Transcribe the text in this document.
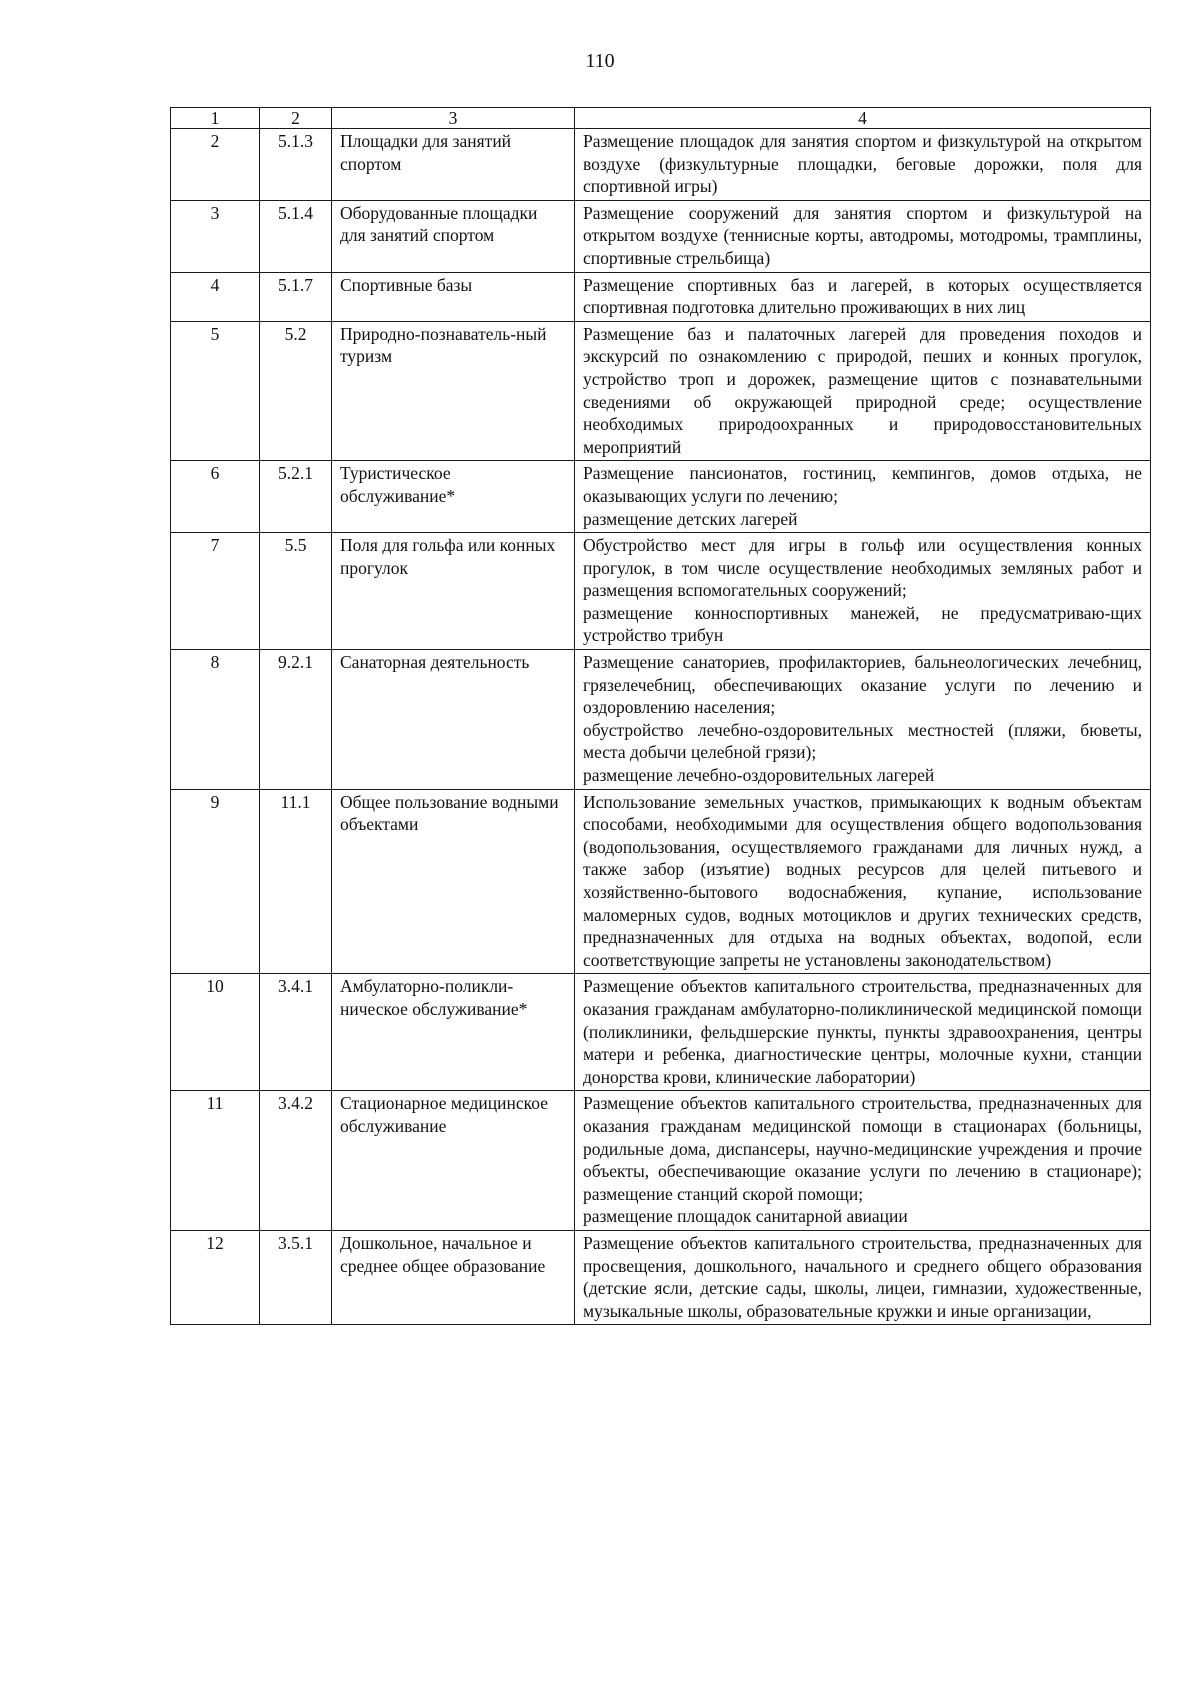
110
1	2	3	4
2	5.1.3	Площадки для занятий спортом	Размещение площадок для занятия спортом и физкультурой на открытом воздухе (физкультурные площадки, беговые дорожки, поля для спортивной игры)

3	5.1.4	Оборудованные площадки для занятий спортом	Размещение сооружений для занятия спортом и физкультурой на открытом воздухе (теннисные корты, автодромы, мотодромы, трамплины, спортивные стрельбища)

4	5.1.7	Спортивные базы	Размещение спортивных баз и лагерей, в которых осуществляется спортивная подготовка длительно проживающих в них лиц

5	5.2	Природно-познаватель-ный туризм	Размещение баз и палаточных лагерей для проведения походов и экскурсий по ознакомлению с природой, пеших и конных прогулок, устройство троп и дорожек, размещение щитов с познавательными сведениями об окружающей природной среде; осуществление необходимых природоохранных и природовосстановительных мероприятий

6	5.2.1	Туристическое обслуживание*	Размещение пансионатов, гостиниц, кемпингов, домов отдыха, не оказывающих услуги по лечению;
размещение детских лагерей

7	5.5	Поля для гольфа или конных прогулок	Обустройство мест для игры в гольф или осуществления конных прогулок, в том числе осуществление необходимых земляных работ и размещения вспомогательных сооружений;
размещение конноспортивных манежей, не предусматриваю-щих устройство трибун

8	9.2.1	Санаторная деятельность	Размещение санаториев, профилакториев, бальнеологических лечебниц, грязелечебниц, обеспечивающих оказание услуги по лечению и оздоровлению населения;
обустройство лечебно-оздоровительных местностей (пляжи, бюветы, места добычи целебной грязи);
размещение лечебно-оздоровительных лагерей

9	11.1	Общее пользование водными объектами	Использование земельных участков, примыкающих к водным объектам способами, необходимыми для осуществления общего водопользования (водопользования, осуществляемого гражданами для личных нужд, а также забор (изъятие) водных ресурсов для целей питьевого и хозяйственно-бытового водоснабжения, купание, использование маломерных судов, водных мотоциклов и других технических средств, предназначенных для отдыха на водных объектах, водопой, если соответствующие запреты не установлены законодательством)

10	3.4.1	Амбулаторно-поликли-ническое обслуживание*	Размещение объектов капитального строительства, предназначенных для оказания гражданам амбулаторно-поликлинической медицинской помощи (поликлиники, фельдшерские пункты, пункты здравоохранения, центры матери и ребенка, диагностические центры, молочные кухни, станции донорства крови, клинические лаборатории)

11	3.4.2	Стационарное медицинское обслуживание	Размещение объектов капитального строительства, предназначенных для оказания гражданам медицинской помощи в стационарах (больницы, родильные дома, диспансеры, научно-медицинские учреждения и прочие объекты, обеспечивающие оказание услуги по лечению в стационаре); размещение станций скорой помощи;
размещение площадок санитарной авиации

12	3.5.1	Дошкольное, начальное и среднее общее образование	Размещение объектов капитального строительства, предназначенных для просвещения, дошкольного, начального и среднего общего образования (детские ясли, детские сады, школы, лицеи, гимназии, художественные, музыкальные школы, образовательные кружки и иные организации,
